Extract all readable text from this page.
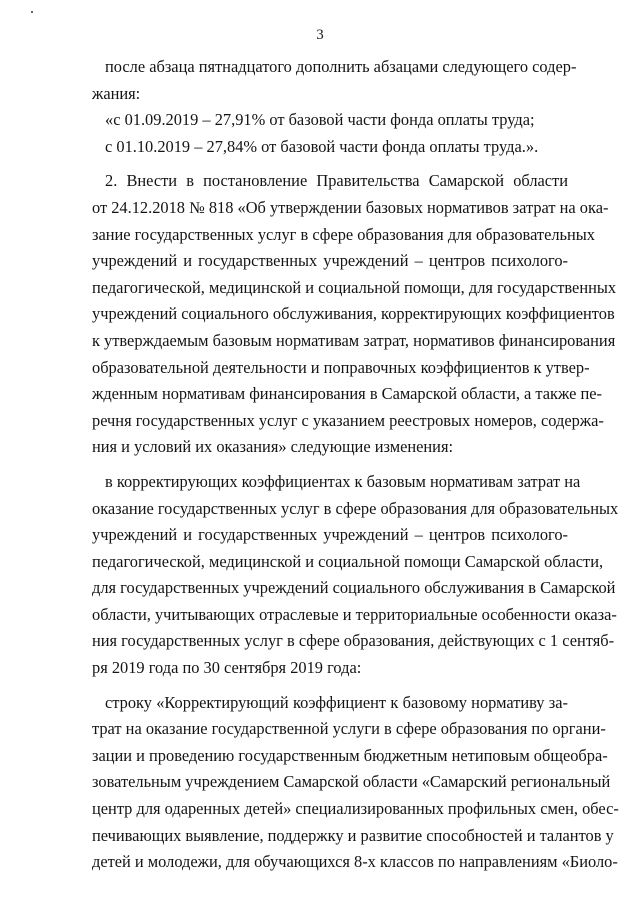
3
после абзаца пятнадцатого дополнить абзацами следующего содер-
жания:
«с 01.09.2019 – 27,91% от базовой части фонда оплаты труда;
с 01.10.2019 – 27,84% от базовой части фонда оплаты труда.».
2. Внести в постановление Правительства Самарской области
от 24.12.2018 № 818 «Об утверждении базовых нормативов затрат на ока-
зание государственных услуг в сфере образования для образовательных
учреждений и государственных учреждений – центров психолого-
педагогической, медицинской и социальной помощи, для государственных
учреждений социального обслуживания, корректирующих коэффициентов
к утверждаемым базовым нормативам затрат, нормативов финансирования
образовательной деятельности и поправочных коэффициентов к утвер-
жденным нормативам финансирования в Самарской области, а также пе-
речня государственных услуг с указанием реестровых номеров, содержа-
ния и условий их оказания» следующие изменения:
в корректирующих коэффициентах к базовым нормативам затрат на
оказание государственных услуг в сфере образования для образовательных
учреждений и государственных учреждений – центров психолого-
педагогической, медицинской и социальной помощи Самарской области,
для государственных учреждений социального обслуживания в Самарской
области, учитывающих отраслевые и территориальные особенности оказа-
ния государственных услуг в сфере образования, действующих с 1 сентяб-
ря 2019 года по 30 сентября 2019 года:
строку «Корректирующий коэффициент к базовому нормативу за-
трат на оказание государственной услуги в сфере образования по органи-
зации и проведению государственным бюджетным нетиповым общеобра-
зовательным учреждением Самарской области «Самарский региональный
центр для одаренных детей» специализированных профильных смен, обес-
печивающих выявление, поддержку и развитие способностей и талантов у
детей и молодежи, для обучающихся 8-х классов по направлениям «Биоло-
